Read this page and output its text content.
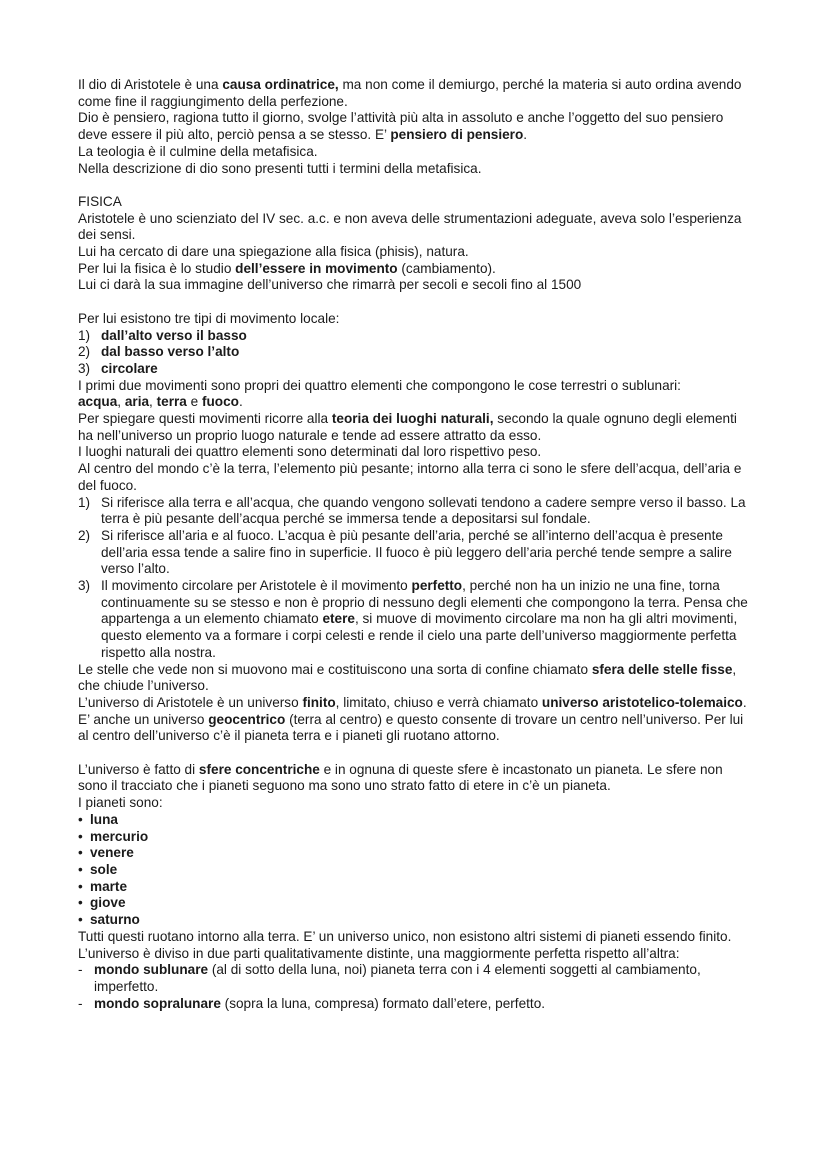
Il dio di Aristotele è una causa ordinatrice, ma non come il demiurgo, perché la materia si auto ordina avendo come fine il raggiungimento della perfezione.

Dio è pensiero, ragiona tutto il giorno, svolge l’attività più alta in assoluto e anche l’oggetto del suo pensiero deve essere il più alto, perciò pensa a se stesso. E’ pensiero di pensiero.

La teologia è il culmine della metafisica.

Nella descrizione di dio sono presenti tutti i termini della metafisica.

FISICA

Aristotele è uno scienziato del IV sec. a.c. e non aveva delle strumentazioni adeguate, aveva solo l’esperienza dei sensi.

Lui ha cercato di dare una spiegazione alla fisica (phisis), natura.

Per lui la fisica è lo studio dell’essere in movimento (cambiamento).

Lui ci darà la sua immagine dell’universo che rimarrà per secoli e secoli fino al 1500

Per lui esistono tre tipi di movimento locale:

1) dall’alto verso il basso
2) dal basso verso l’alto
3) circolare

I primi due movimenti sono propri dei quattro elementi che compongono le cose terrestri o sublunari:

acqua, aria, terra e fuoco.

Per spiegare questi movimenti ricorre alla teoria dei luoghi naturali, secondo la quale ognuno degli elementi ha nell’universo un proprio luogo naturale e tende ad essere attratto da esso.

I luoghi naturali dei quattro elementi sono determinati dal loro rispettivo peso.

Al centro del mondo c’è la terra, l’elemento più pesante; intorno alla terra ci sono le sfere dell’acqua, dell’aria e del fuoco.

1) Si riferisce alla terra e all’acqua, che quando vengono sollevati tendono a cadere sempre verso il basso. La terra è più pesante dell’acqua perché se immersa tende a depositarsi sul fondale.
2) Si riferisce all’aria e al fuoco. L’acqua è più pesante dell’aria, perché se all’interno dell’acqua è presente dell’aria essa tende a salire fino in superficie. Il fuoco è più leggero dell’aria perché tende sempre a salire verso l’alto.
3) Il movimento circolare per Aristotele è il movimento perfetto, perché non ha un inizio ne una fine, torna continuamente su se stesso e non è proprio di nessuno degli elementi che compongono la terra. Pensa che appartenga a un elemento chiamato etere, si muove di movimento circolare ma non ha gli altri movimenti, questo elemento va a formare i corpi celesti e rende il cielo una parte dell’universo maggiormente perfetta rispetto alla nostra.

Le stelle che vede non si muovono mai e costituiscono una sorta di confine chiamato sfera delle stelle fisse, che chiude l’universo.

L’universo di Aristotele è un universo finito, limitato, chiuso e verrà chiamato universo aristotelico-tolemaico. E’ anche un universo geocentrico (terra al centro) e questo consente di trovare un centro nell’universo. Per lui al centro dell’universo c’è il pianeta terra e i pianeti gli ruotano attorno.

L’universo è fatto di sfere concentriche e in ognuna di queste sfere è incastonato un pianeta. Le sfere non sono il tracciato che i pianeti seguono ma sono uno strato fatto di etere in c’è un pianeta.

I pianeti sono:

• luna
• mercurio
• venere
• sole
• marte
• giove
• saturno

Tutti questi ruotano intorno alla terra. E’ un universo unico, non esistono altri sistemi di pianeti essendo finito.

L’universo è diviso in due parti qualitativamente distinte, una maggiormente perfetta rispetto all’altra:

- mondo sublunare (al di sotto della luna, noi) pianeta terra con i 4 elementi soggetti al cambiamento, imperfetto.
- mondo sopralunare (sopra la luna, compresa) formato dall’etere, perfetto.
